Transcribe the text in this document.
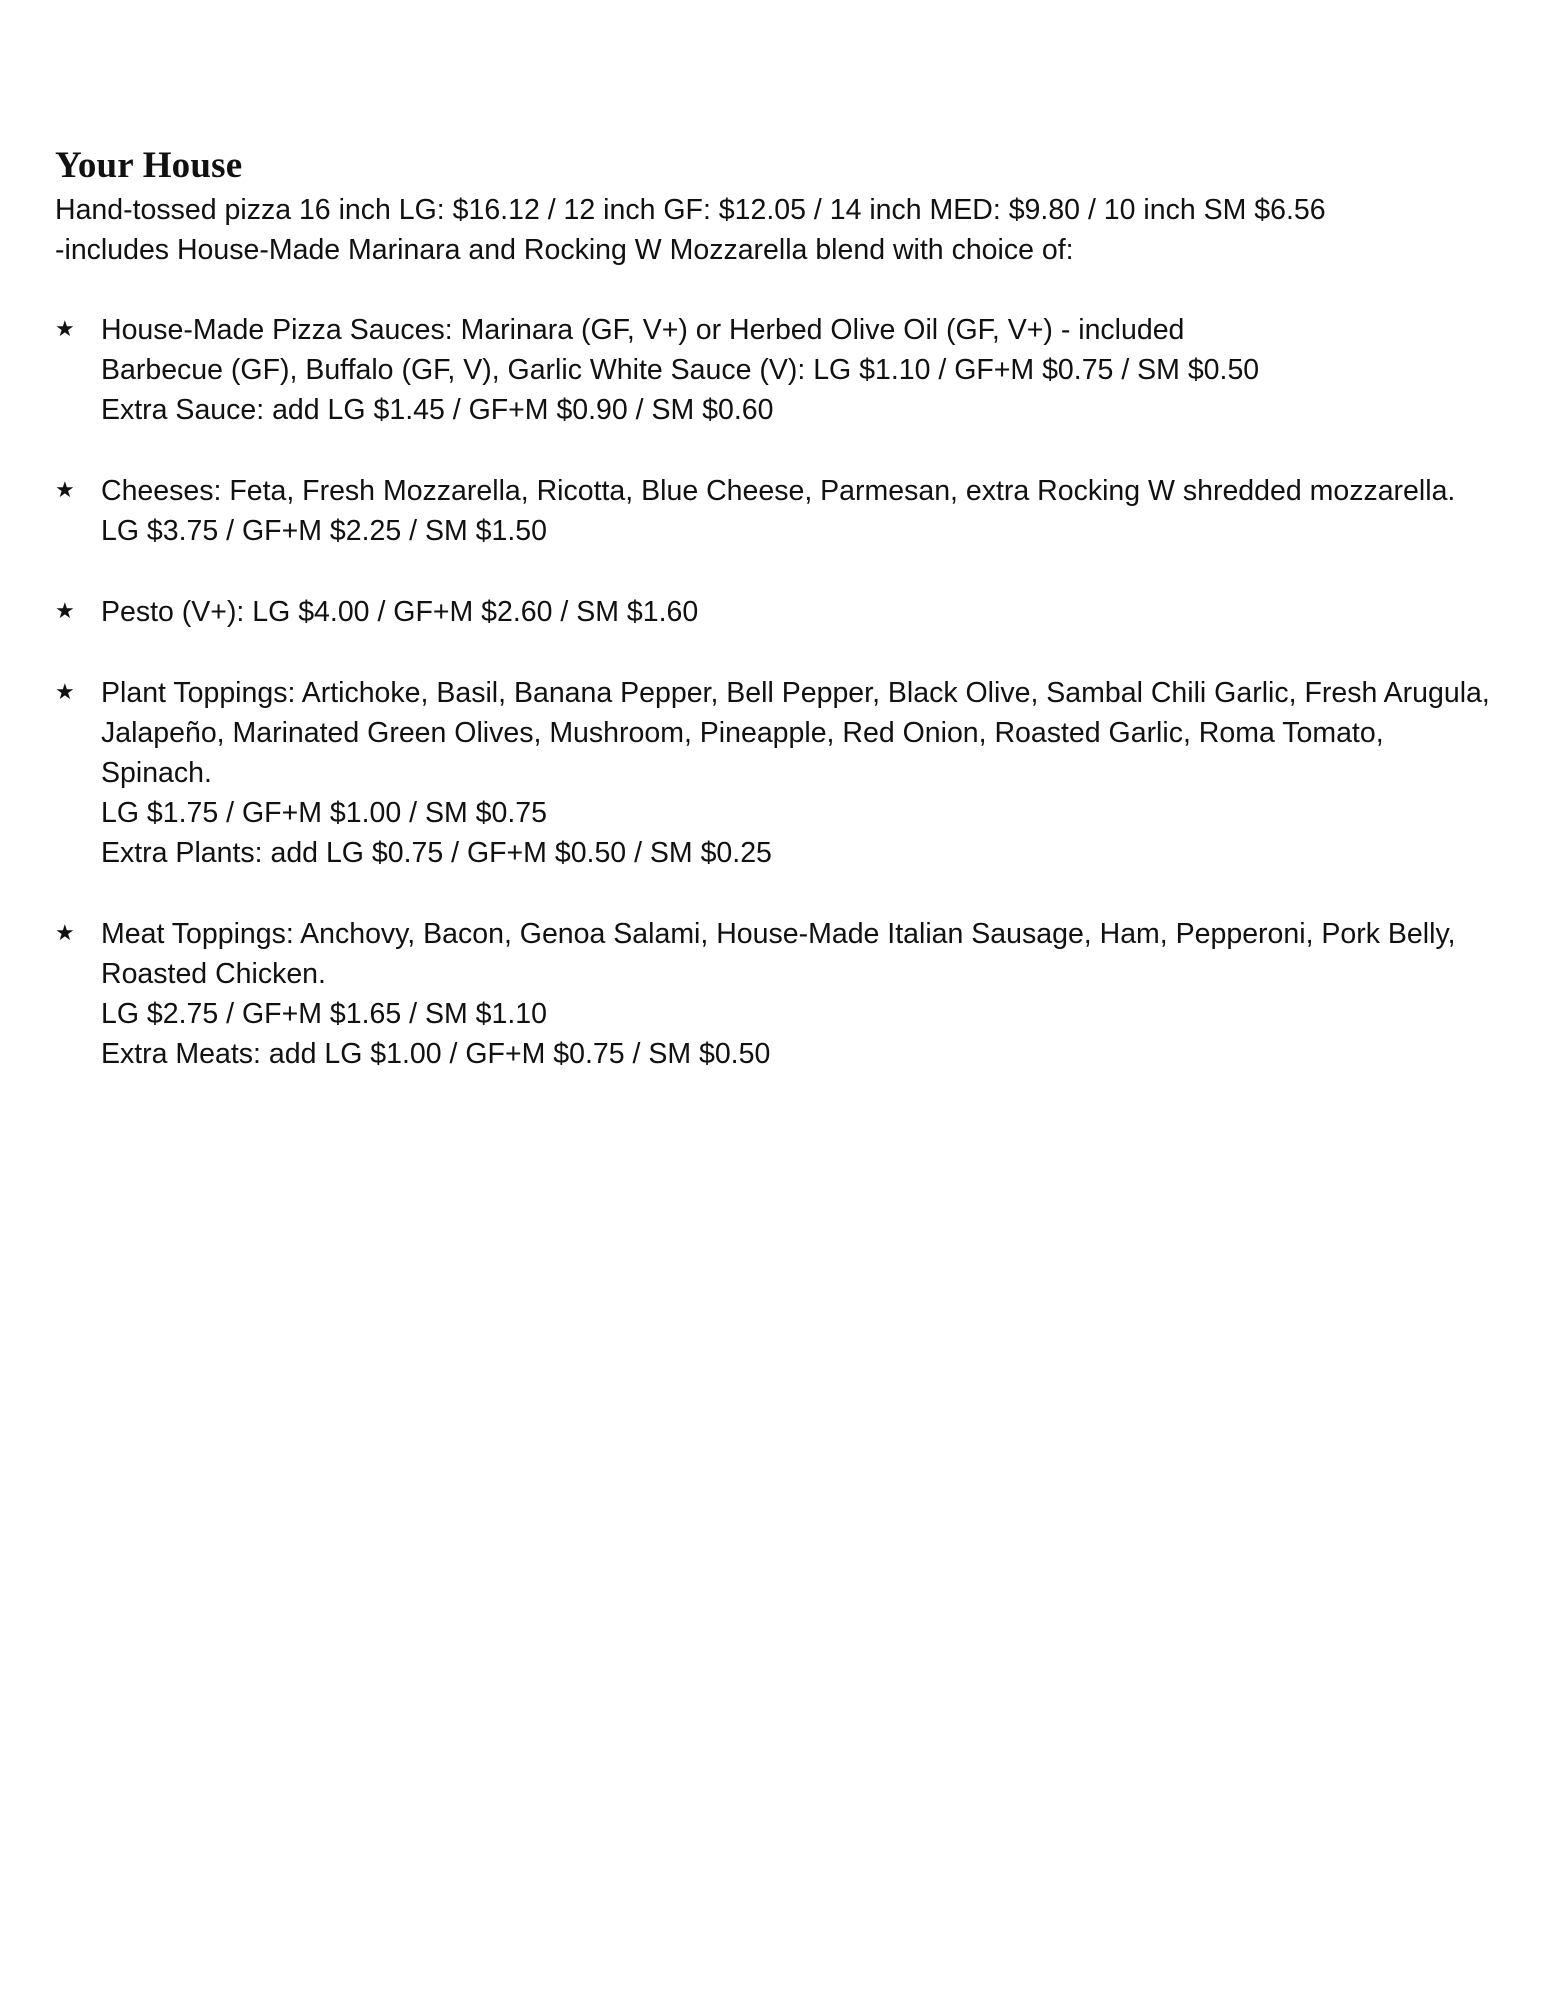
Your House

Hand-tossed pizza 16 inch LG: $16.12 / 12 inch GF: $12.05 / 14 inch MED: $9.80 / 10 inch SM $6.56

-includes House-Made Marinara and Rocking W Mozzarella blend with choice of:

★ House-Made Pizza Sauces: Marinara (GF, V+) or Herbed Olive Oil (GF, V+) - included

Barbecue (GF), Buffalo (GF, V), Garlic White Sauce (V): LG $1.10 / GF+M $0.75 / SM $0.50

Extra Sauce: add LG $1.45 / GF+M $0.90 / SM $0.60

★ Cheeses: Feta, Fresh Mozzarella, Ricotta, Blue Cheese, Parmesan, extra Rocking W shredded mozzarella.

LG $3.75 / GF+M $2.25 / SM $1.50

★ Pesto (V+): LG $4.00 / GF+M $2.60 / SM $1.60

★ Plant Toppings: Artichoke, Basil, Banana Pepper, Bell Pepper, Black Olive, Sambal Chili Garlic, Fresh Arugula, Jalapeño, Marinated Green Olives, Mushroom, Pineapple, Red Onion, Roasted Garlic, Roma Tomato, Spinach.

LG $1.75 / GF+M $1.00 / SM $0.75

Extra Plants: add LG $0.75 / GF+M $0.50 / SM $0.25

★ Meat Toppings: Anchovy, Bacon, Genoa Salami, House-Made Italian Sausage, Ham, Pepperoni, Pork Belly, Roasted Chicken.

LG $2.75 / GF+M $1.65 / SM $1.10

Extra Meats: add LG $1.00 / GF+M $0.75 / SM $0.50
